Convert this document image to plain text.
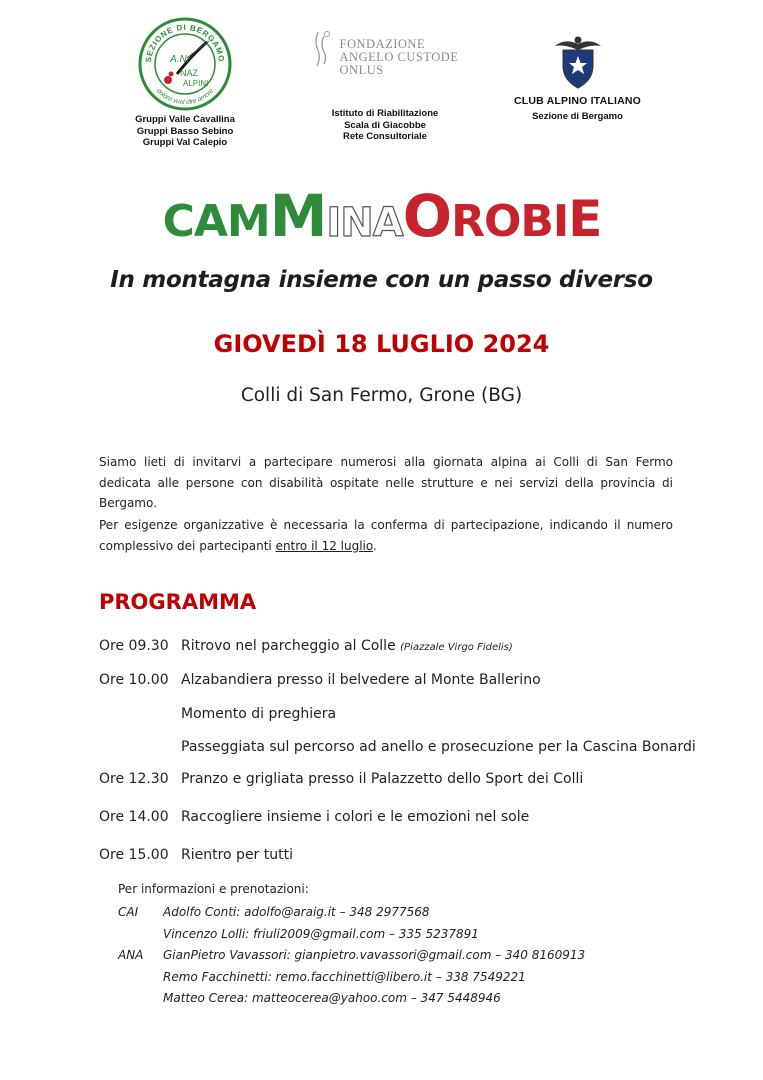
SEZIONE DI BERGAMO
dolore vuol dire amore
A.N.
NAZ
ALPINI
Gruppi Valle Cavallina
Gruppi Basso Sebino
Gruppi Val Calepio
FONDAZIONE
ANGELO CUSTODE
ONLUS
Istituto di Riabilitazione
Scala di Giacobbe
Rete Consultoriale
CLUB ALPINO ITALIANO
Sezione di Bergamo
CAMMINAOROBIE
In montagna insieme con un passo diverso
GIOVEDÌ 18 LUGLIO 2024
Colli di San Fermo, Grone (BG)

Siamo lieti di invitarvi a partecipare numerosi alla giornata alpina ai Colli di San Fermo dedicata alle persone con disabilità ospitate nelle strutture e nei servizi della provincia di Bergamo.

Per esigenze organizzative è necessaria la conferma di partecipazione, indicando il numero complessivo dei partecipanti entro il 12 luglio.

PROGRAMMA
Ore 09.30 Ritrovo nel parcheggio al Colle (Piazzale Virgo Fidelis)
Ore 10.00 Alzabandiera presso il belvedere al Monte Ballerino
Momento di preghiera
Passeggiata sul percorso ad anello e prosecuzione per la Cascina Bonardi
Ore 12.30 Pranzo e grigliata presso il Palazzetto dello Sport dei Colli
Ore 14.00 Raccogliere insieme i colori e le emozioni nel sole
Ore 15.00 Rientro per tutti
Per informazioni e prenotazioni:
CAI Adolfo Conti: adolfo@araig.it – 348 2977568
Vincenzo Lolli: friuli2009@gmail.com – 335 5237891
ANA GianPietro Vavassori: gianpietro.vavassori@gmail.com – 340 8160913
Remo Facchinetti: remo.facchinetti@libero.it – 338 7549221
Matteo Cerea: matteocerea@yahoo.com – 347 5448946
